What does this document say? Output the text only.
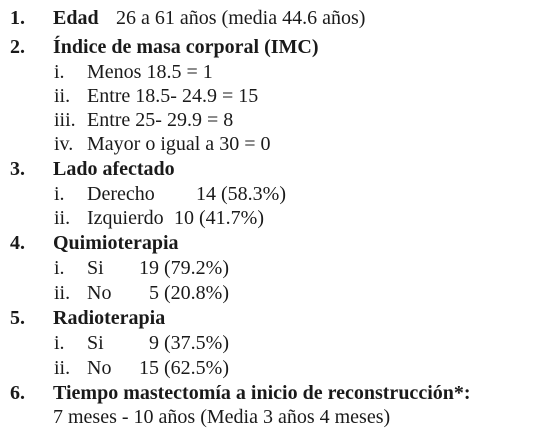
1. Edad 26 a 61 años (media 44.6 años)
2. Índice de masa corporal (IMC)
i. Menos 18.5 = 1
ii. Entre 18.5- 24.9 = 15
iii. Entre 25- 29.9 = 8
iv. Mayor o igual a 30 = 0
3. Lado afectado
i. Derecho 14 (58.3%)
ii. Izquierdo 10 (41.7%)
4. Quimioterapia
i. Si 19 (79.2%)
ii. No 5 (20.8%)
5. Radioterapia
i. Si 9 (37.5%)
ii. No 15 (62.5%)
6. Tiempo mastectomía a inicio de reconstrucción*:
7 meses - 10 años (Media 3 años 4 meses)
